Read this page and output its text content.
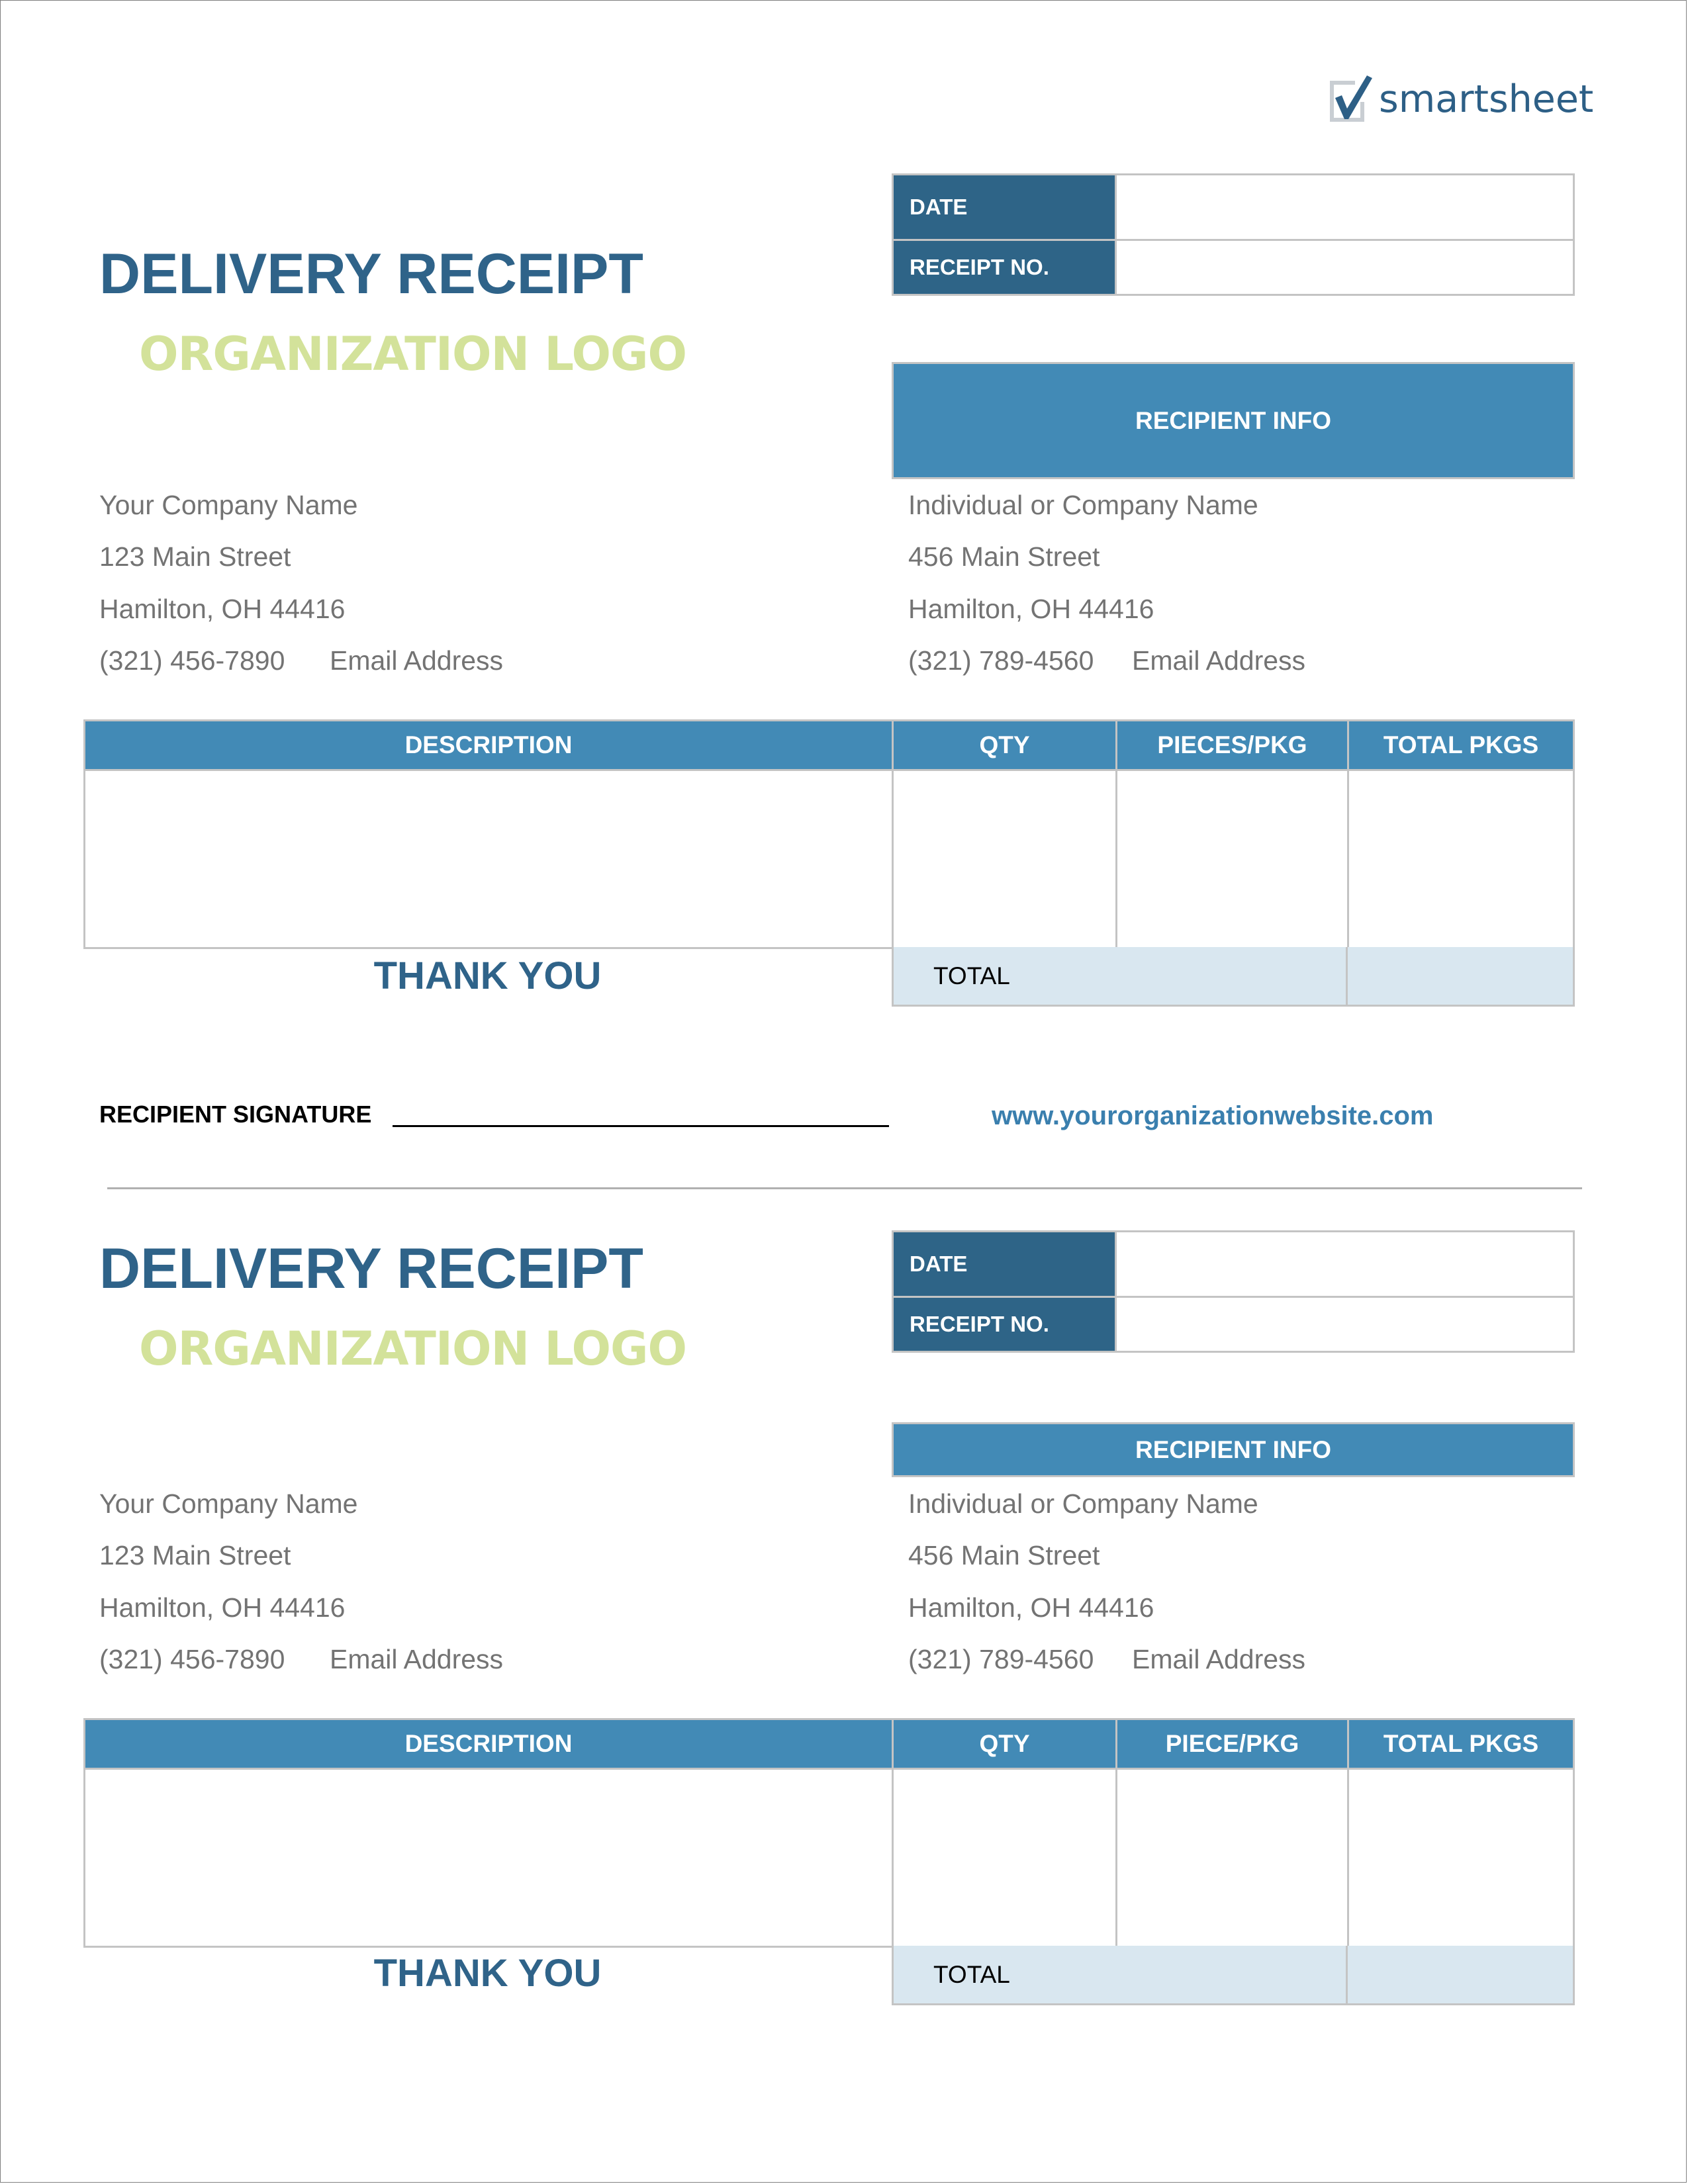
smartsheet
DELIVERY RECEIPT
ORGANIZATION LOGO
DATE
RECEIPT NO.
RECIPIENT INFO
Your Company Name
123 Main Street
Hamilton, OH 44416
(321) 456-7890 Email Address
Individual or Company Name
456 Main Street
Hamilton, OH 44416
(321) 789-4560 Email Address
DESCRIPTION	QTY	PIECES/PKG	TOTAL PKGS
THANK YOU	TOTAL
RECIPIENT SIGNATURE	www.yourorganizationwebsite.com
DELIVERY RECEIPT
ORGANIZATION LOGO
DATE
RECEIPT NO.
RECIPIENT INFO
Your Company Name
123 Main Street
Hamilton, OH 44416
(321) 456-7890 Email Address
Individual or Company Name
456 Main Street
Hamilton, OH 44416
(321) 789-4560 Email Address
DESCRIPTION	QTY	PIECE/PKG	TOTAL PKGS
THANK YOU	TOTAL
